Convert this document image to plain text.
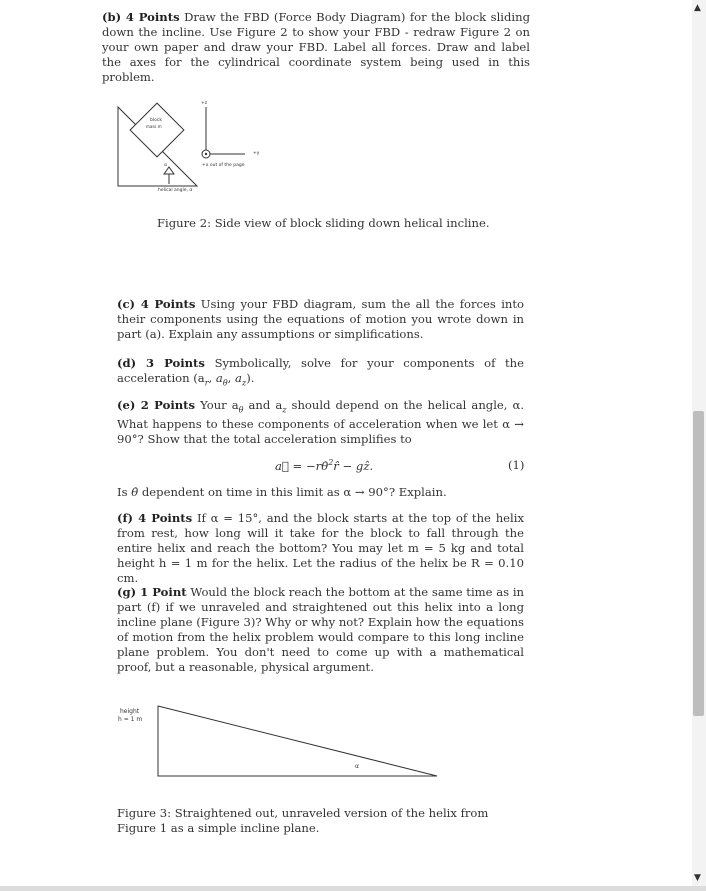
(b) 4 Points Draw the FBD (Force Body Diagram) for the block sliding down the incline. Use Figure 2 to show your FBD - redraw Figure 2 on your own paper and draw your FBD. Label all forces. Draw and label the axes for the cylindrical coordinate system being used in this problem.
block
mass m
α
helical angle, α
+z
+y
+x out of the page
Figure 2: Side view of block sliding down helical incline.
(c) 4 Points Using your FBD diagram, sum the all the forces into their components using the equations of motion you wrote down in part (a). Explain any assumptions or simplifications.
(d) 3 Points Symbolically, solve for your components of the acceleration ($a_r$, $a_\theta$, $a_z$).
(e) 2 Points Your $a_\theta$ and $a_z$ should depend on the helical angle, α. What happens to these components of acceleration when we let α → 90°? Show that the total acceleration simplifies to
a⃗ = −rθ̇$^2$r̂ − gẑ.	(1)
Is θ̇ dependent on time in this limit as α → 90°? Explain.
(f) 4 Points If α = 15°, and the block starts at the top of the helix from rest, how long will it take for the block to fall through the entire helix and reach the bottom? You may let m = 5 kg and total height h = 1 m for the helix. Let the radius of the helix be R = 0.10 cm.
(g) 1 Point Would the block reach the bottom at the same time as in part (f) if we unraveled and straightened out this helix into a long incline plane (Figure 3)? Why or why not? Explain how the equations of motion from the helix problem would compare to this long incline plane problem. You don't need to come up with a mathematical proof, but a reasonable, physical argument.
height
h = 1 m
α
Figure 3: Straightened out, unraveled version of the helix from Figure 1 as a simple incline plane.
▲
▼
